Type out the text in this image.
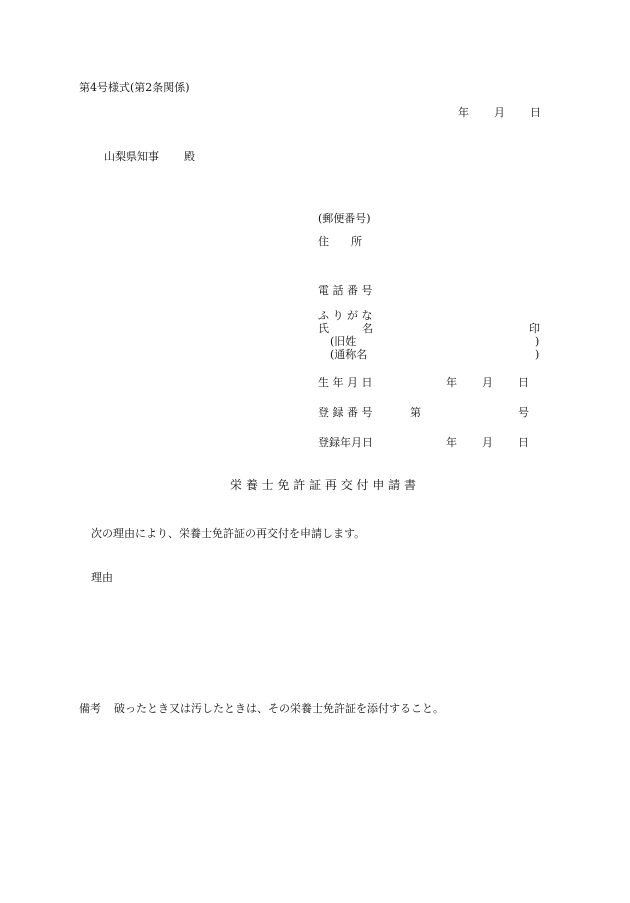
第4号様式(第2条関係)
年 月 日
山梨県知事 殿
(郵便番号)
住　　所
電 話 番 号
ふ り が な
氏　　　名	印
(旧姓	)
(通称名	)
生 年 月 日	年 月 日
登 録 番 号	第	号
登録年月日	年 月 日
栄 養 士 免 許 証 再 交 付 申 請 書
次の理由により、栄養士免許証の再交付を申請します。
理由
備考 破ったとき又は汚したときは、その栄養士免許証を添付すること。
